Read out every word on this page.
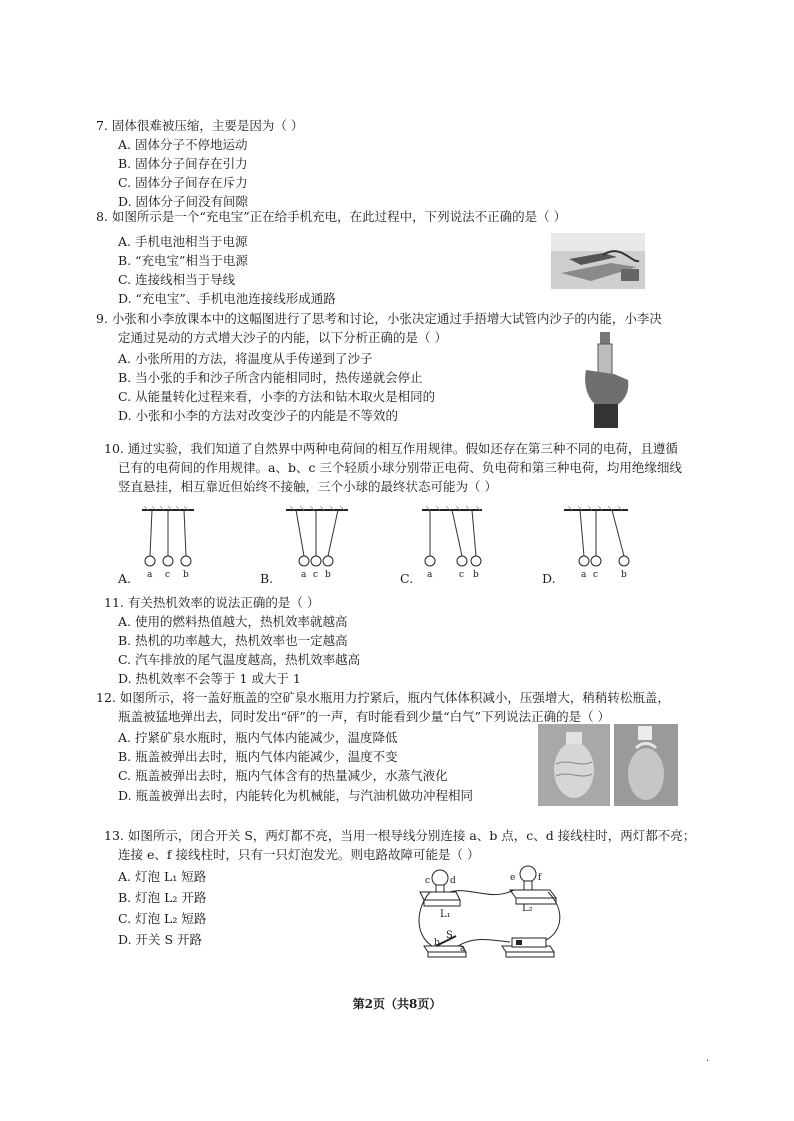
7. 固体很难被压缩，主要是因为（ ）
A. 固体分子不停地运动
B. 固体分子间存在引力
C. 固体分子间存在斥力
D. 固体分子间没有间隙
8. 如图所示是一个“充电宝”正在给手机充电，在此过程中，下列说法不正确的是（ ）
A. 手机电池相当于电源
B. “充电宝”相当于电源
C. 连接线相当于导线
D. “充电宝”、手机电池连接线形成通路
9. 小张和小李放课本中的这幅图进行了思考和讨论，小张决定通过手捂增大试管内沙子的内能，小李决
定通过晃动的方式增大沙子的内能，以下分析正确的是（ ）
A. 小张所用的方法，将温度从手传递到了沙子
B. 当小张的手和沙子所含内能相同时，热传递就会停止
C. 从能量转化过程来看，小李的方法和钻木取火是相同的
D. 小张和小李的方法对改变沙子的内能是不等效的
10. 通过实验，我们知道了自然界中两种电荷间的相互作用规律。假如还存在第三种不同的电荷，且遵循
已有的电荷间的作用规律。a、b、c 三个轻质小球分别带正电荷、负电荷和第三种电荷，均用绝缘细线
竖直悬挂，相互靠近但始终不接触，三个小球的最终状态可能为（ ）
A. a c b	B.	a c b	C. a	c b	D.	a c	b
11. 有关热机效率的说法正确的是（ ）
A. 使用的燃料热值越大，热机效率就越高
B. 热机的功率越大，热机效率也一定越高
C. 汽车排放的尾气温度越高，热机效率越高
D. 热机效率不会等于 1 或大于 1
12. 如图所示，将一盖好瓶盖的空矿泉水瓶用力拧紧后，瓶内气体体积减小，压强增大，稍稍转松瓶盖，
瓶盖被猛地弹出去，同时发出“砰”的一声，有时能看到少量“白气”下列说法正确的是（ ）
A. 拧紧矿泉水瓶时，瓶内气体内能减少，温度降低
B. 瓶盖被弹出去时，瓶内气体内能减少，温度不变
C. 瓶盖被弹出去时，瓶内气体含有的热量减少，水蒸气液化
D. 瓶盖被弹出去时，内能转化为机械能，与汽油机做功冲程相同
13. 如图所示，闭合开关 S，两灯都不亮，当用一根导线分别连接 a、b 点，c、d 接线柱时，两灯都不亮；
连接 e、f 接线柱时，只有一只灯泡发光。则电路故障可能是（ ）
A. 灯泡 L₁ 短路
B. 灯泡 L₂ 开路
C. 灯泡 L₂ 短路
D. 开关 S 开路
c d	e	f
L₁
L₂
S
b
a
第2页（共8页）
·
